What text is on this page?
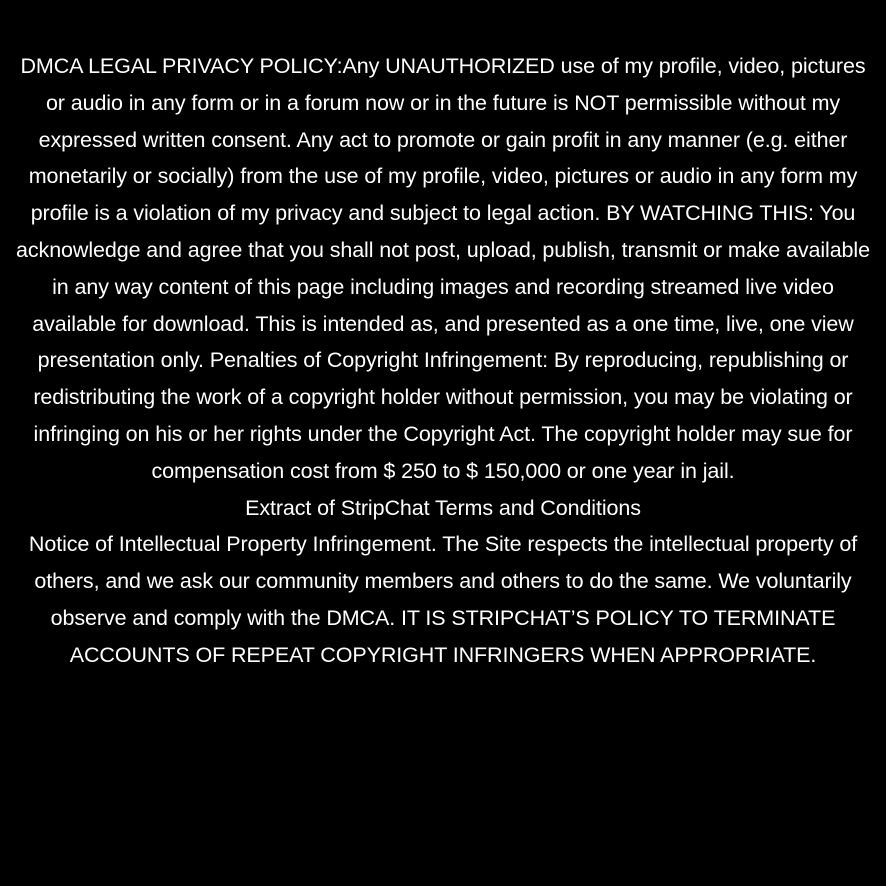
DMCA LEGAL PRIVACY POLICY:Any UNAUTHORIZED use of my profile, video, pictures or audio in any form or in a forum now or in the future is NOT permissible without my expressed written consent. Any act to promote or gain profit in any manner (e.g. either monetarily or socially) from the use of my profile, video, pictures or audio in any form my profile is a violation of my privacy and subject to legal action. BY WATCHING THIS: You acknowledge and agree that you shall not post, upload, publish, transmit or make available in any way content of this page including images and recording streamed live video available for download. This is intended as, and presented as a one time, live, one view presentation only. Penalties of Copyright Infringement: By reproducing, republishing or redistributing the work of a copyright holder without permission, you may be violating or infringing on his or her rights under the Copyright Act. The copyright holder may sue for compensation cost from $ 250 to $ 150,000 or one year in jail.

Extract of StripChat Terms and Conditions

Notice of Intellectual Property Infringement. The Site respects the intellectual property of others, and we ask our community members and others to do the same. We voluntarily observe and comply with the DMCA. IT IS STRIPCHAT’S POLICY TO TERMINATE ACCOUNTS OF REPEAT COPYRIGHT INFRINGERS WHEN APPROPRIATE.
